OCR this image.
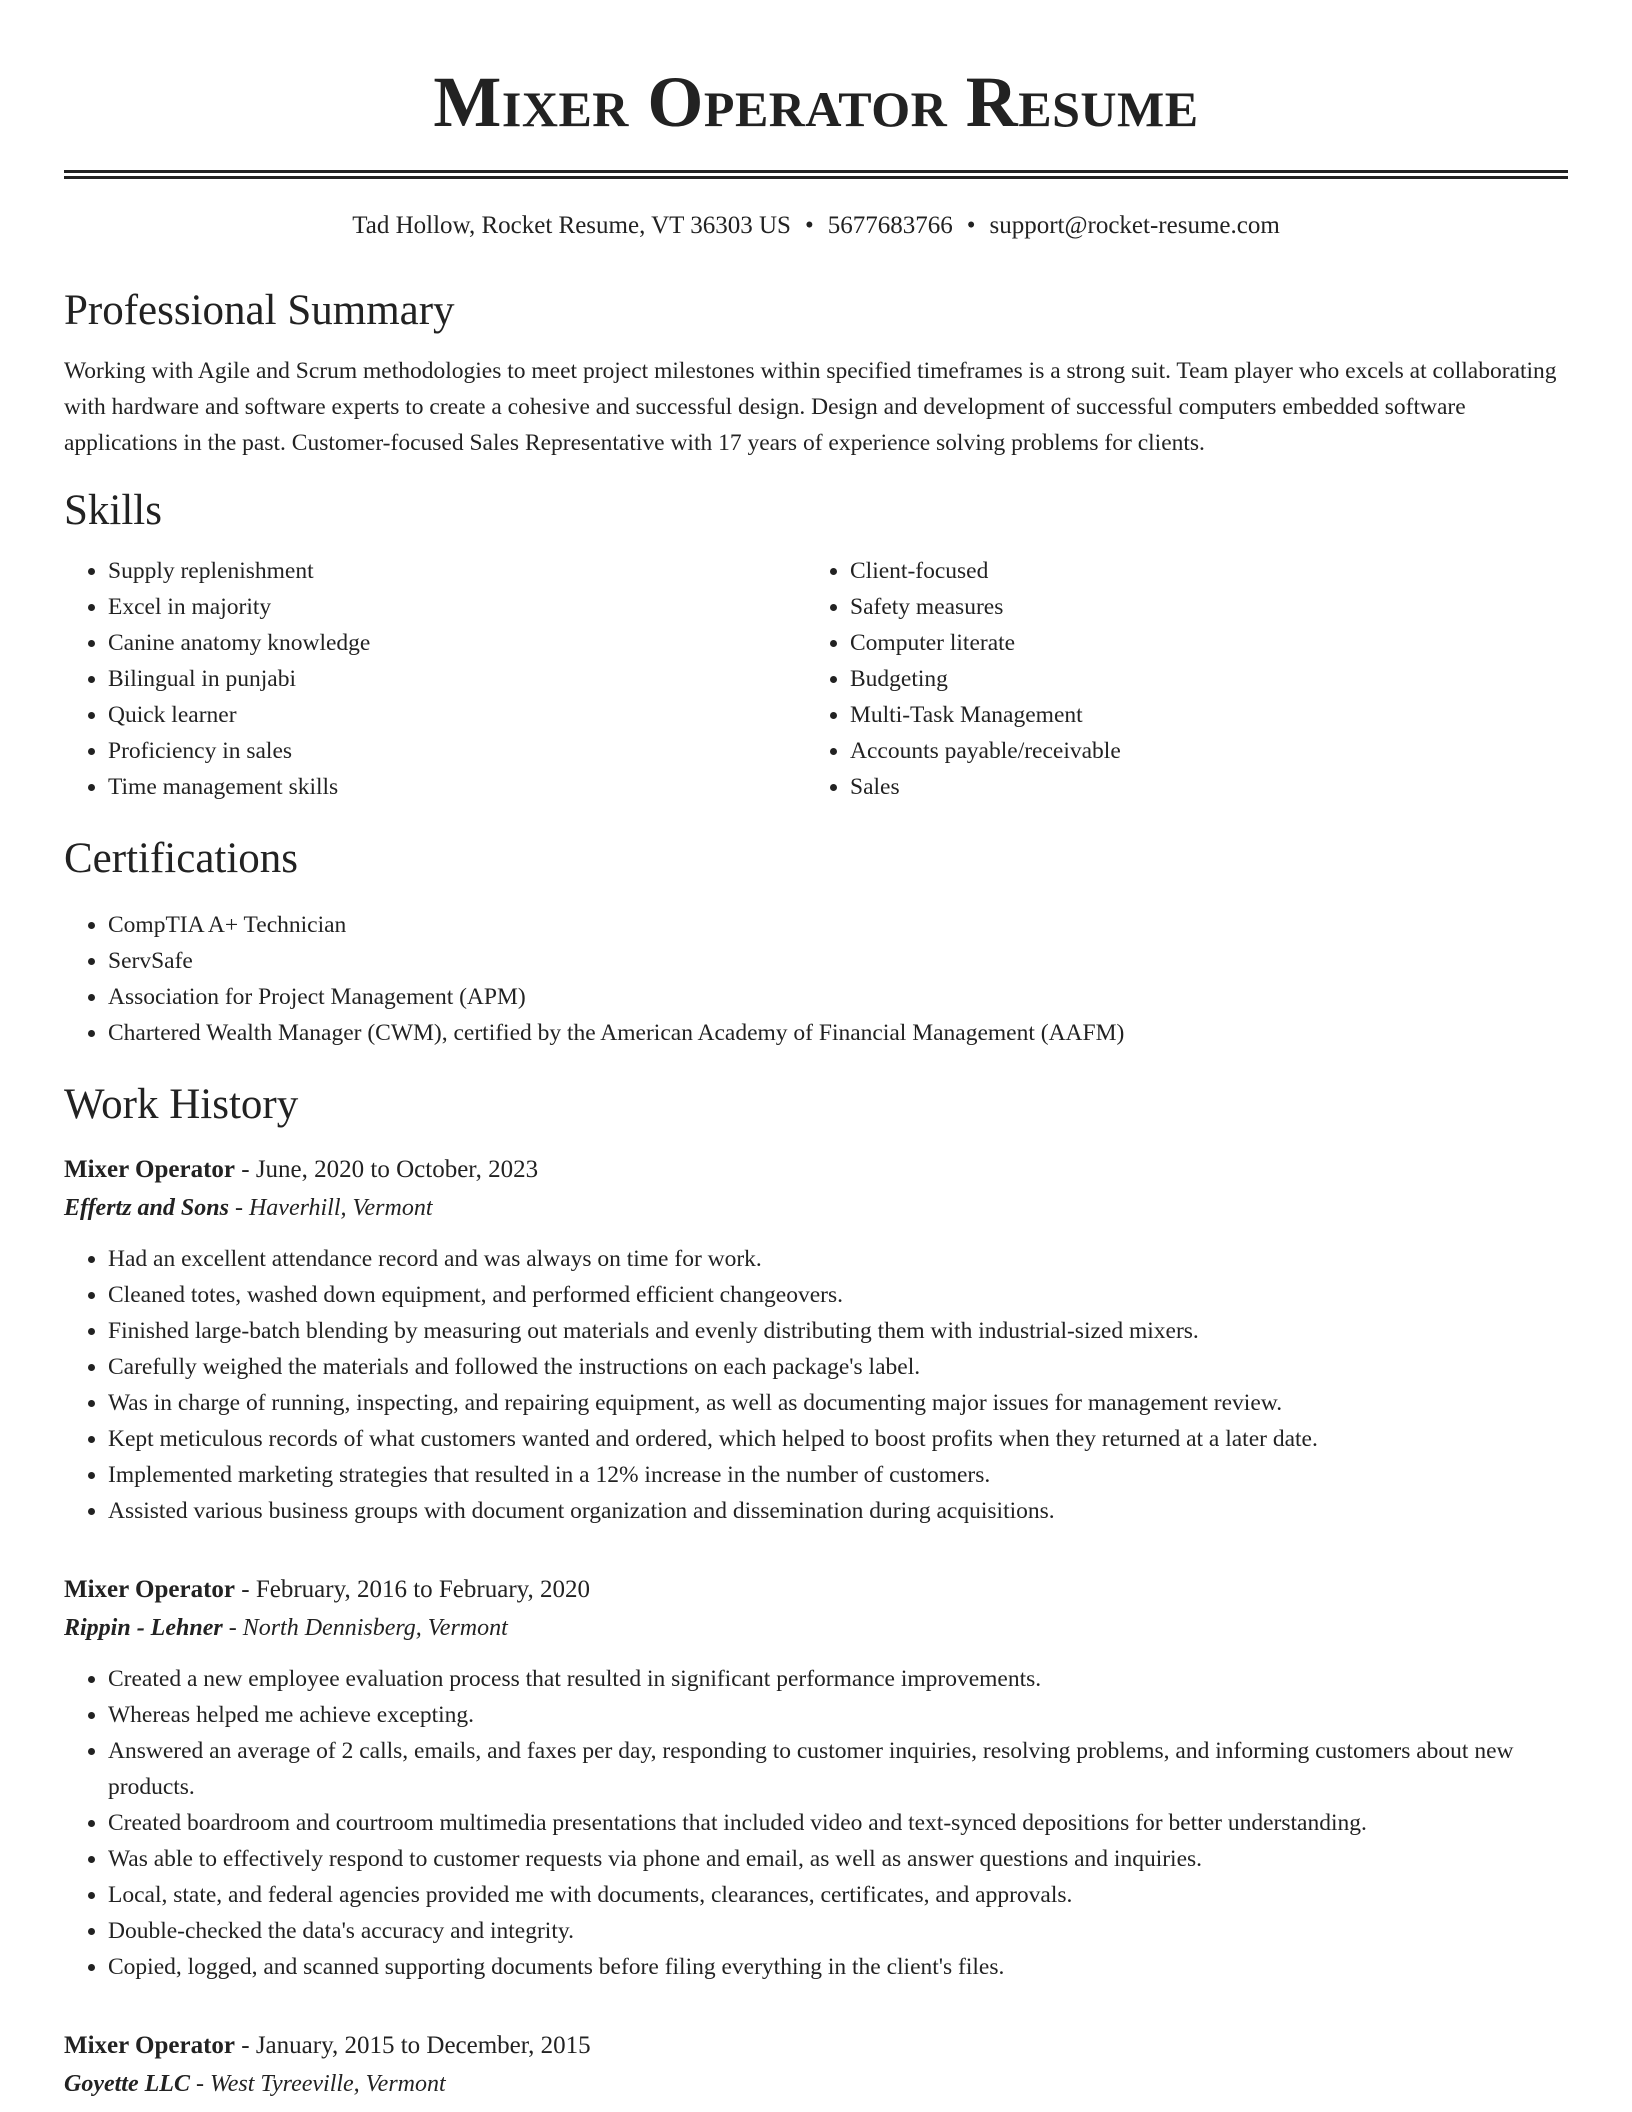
Mixer Operator Resume
Tad Hollow, Rocket Resume, VT 36303 US • 5677683766 • support@rocket-resume.com
Professional Summary

Working with Agile and Scrum methodologies to meet project milestones within specified timeframes is a strong suit. Team player who excels at collaborating with hardware and software experts to create a cohesive and successful design. Design and development of successful computers embedded software applications in the past. Customer-focused Sales Representative with 17 years of experience solving problems for clients.

Skills
• Supply replenishment
• Excel in majority
• Canine anatomy knowledge
• Bilingual in punjabi
• Quick learner
• Proficiency in sales
• Time management skills
• Client-focused
• Safety measures
• Computer literate
• Budgeting
• Multi-Task Management
• Accounts payable/receivable
• Sales
Certifications
• CompTIA A+ Technician
• ServSafe
• Association for Project Management (APM)
• Chartered Wealth Manager (CWM), certified by the American Academy of Financial Management (AAFM)
Work History
Mixer Operator - June, 2020 to October, 2023
Effertz and Sons - Haverhill, Vermont
• Had an excellent attendance record and was always on time for work.
• Cleaned totes, washed down equipment, and performed efficient changeovers.
• Finished large-batch blending by measuring out materials and evenly distributing them with industrial-sized mixers.
• Carefully weighed the materials and followed the instructions on each package's label.
• Was in charge of running, inspecting, and repairing equipment, as well as documenting major issues for management review.
• Kept meticulous records of what customers wanted and ordered, which helped to boost profits when they returned at a later date.
• Implemented marketing strategies that resulted in a 12% increase in the number of customers.
• Assisted various business groups with document organization and dissemination during acquisitions.
Mixer Operator - February, 2016 to February, 2020
Rippin - Lehner - North Dennisberg, Vermont
• Created a new employee evaluation process that resulted in significant performance improvements.
• Whereas helped me achieve excepting.
• Answered an average of 2 calls, emails, and faxes per day, responding to customer inquiries, resolving problems, and informing customers about new products.
• Created boardroom and courtroom multimedia presentations that included video and text-synced depositions for better understanding.
• Was able to effectively respond to customer requests via phone and email, as well as answer questions and inquiries.
• Local, state, and federal agencies provided me with documents, clearances, certificates, and approvals.
• Double-checked the data's accuracy and integrity.
• Copied, logged, and scanned supporting documents before filing everything in the client's files.
Mixer Operator - January, 2015 to December, 2015
Goyette LLC - West Tyreeville, Vermont
